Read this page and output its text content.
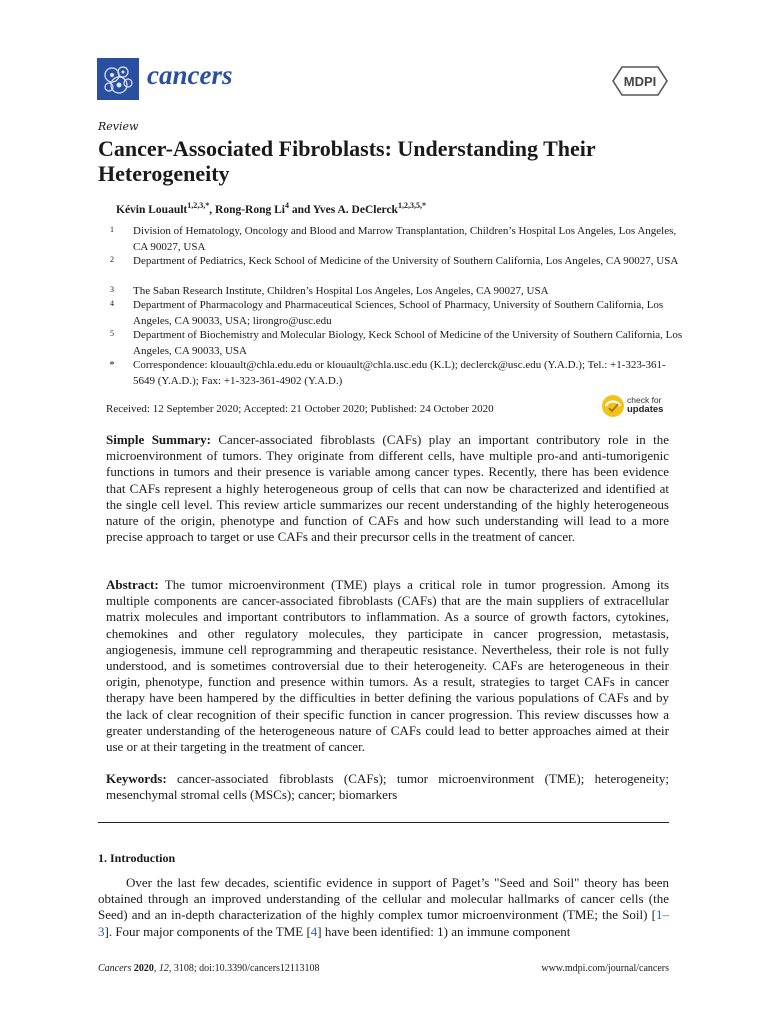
cancers	MDPI
Review
Cancer-Associated Fibroblasts: Understanding Their Heterogeneity
Kévin Louault$^{1,2,3,*}$, Rong-Rong Li$^4$ and Yves A. DeClerck$^{1,2,3,5,*}$
1	Division of Hematology, Oncology and Blood and Marrow Transplantation, Children’s Hospital Los Angeles, Los Angeles, CA 90027, USA
2	Department of Pediatrics, Keck School of Medicine of the University of Southern California, Los Angeles, CA 90027, USA
3	The Saban Research Institute, Children’s Hospital Los Angeles, Los Angeles, CA 90027, USA
4	Department of Pharmacology and Pharmaceutical Sciences, School of Pharmacy, University of Southern California, Los Angeles, CA 90033, USA; lirongro@usc.edu
5	Department of Biochemistry and Molecular Biology, Keck School of Medicine of the University of Southern California, Los Angeles, CA 90033, USA
* Correspondence: klouault@chla.edu.edu or klouault@chla.usc.edu (K.L); declerck@usc.edu (Y.A.D.); Tel.: +1-323-361-5649 (Y.A.D.); Fax: +1-323-361-4902 (Y.A.D.)
Received: 12 September 2020; Accepted: 21 October 2020; Published: 24 October 2020
check for
updates
Simple Summary: Cancer-associated fibroblasts (CAFs) play an important contributory role in the microenvironment of tumors. They originate from different cells, have multiple pro-and anti-tumorigenic functions in tumors and their presence is variable among cancer types. Recently, there has been evidence that CAFs represent a highly heterogeneous group of cells that can now be characterized and identified at the single cell level. This review article summarizes our recent understanding of the highly heterogeneous nature of the origin, phenotype and function of CAFs and how such understanding will lead to a more precise approach to target or use CAFs and their precursor cells in the treatment of cancer.
Abstract: The tumor microenvironment (TME) plays a critical role in tumor progression. Among its multiple components are cancer-associated fibroblasts (CAFs) that are the main suppliers of extracellular matrix molecules and important contributors to inflammation. As a source of growth factors, cytokines, chemokines and other regulatory molecules, they participate in cancer progression, metastasis, angiogenesis, immune cell reprogramming and therapeutic resistance. Nevertheless, their role is not fully understood, and is sometimes controversial due to their heterogeneity. CAFs are heterogeneous in their origin, phenotype, function and presence within tumors. As a result, strategies to target CAFs in cancer therapy have been hampered by the difficulties in better defining the various populations of CAFs and by the lack of clear recognition of their specific function in cancer progression. This review discusses how a greater understanding of the heterogeneous nature of CAFs could lead to better approaches aimed at their use or at their targeting in the treatment of cancer.
Keywords: cancer-associated fibroblasts (CAFs); tumor microenvironment (TME); heterogeneity; mesenchymal stromal cells (MSCs); cancer; biomarkers
1. Introduction
Over the last few decades, scientific evidence in support of Paget’s "Seed and Soil" theory has been obtained through an improved understanding of the cellular and molecular hallmarks of cancer cells (the Seed) and an in-depth characterization of the highly complex tumor microenvironment (TME; the Soil) [1–3]. Four major components of the TME [4] have been identified: 1) an immune component
Cancers 2020, 12, 3108; doi:10.3390/cancers12113108	www.mdpi.com/journal/cancers
